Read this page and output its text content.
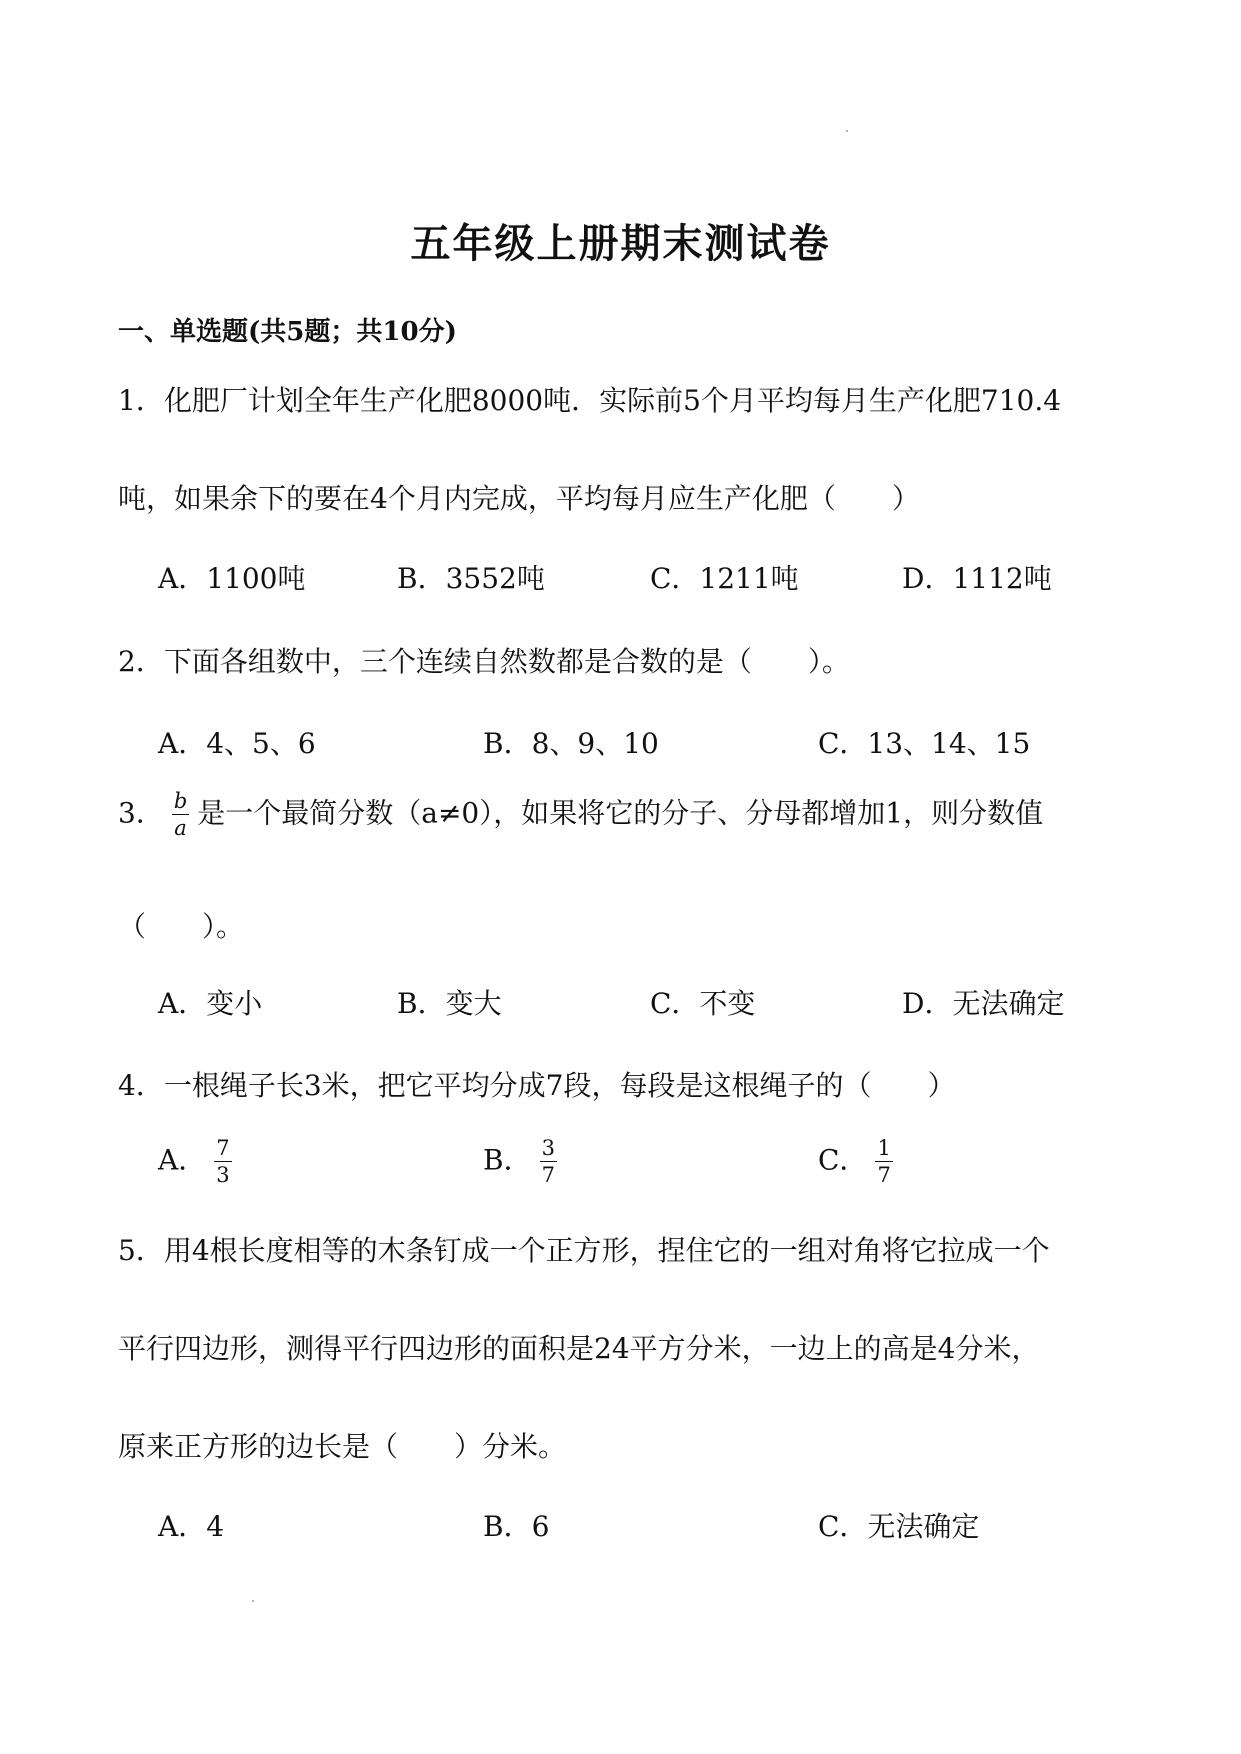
五年级上册期末测试卷
一、单选题(共5题；共10分)
1．化肥厂计划全年生产化肥8000吨．实际前5个月平均每月生产化肥710.4
吨，如果余下的要在4个月内完成，平均每月应生产化肥（　　）
A．1100吨	B．3552吨	C．1211吨	D．1112吨
2．下面各组数中，三个连续自然数都是合数的是（　　）。
A．4、5、6	B．8、9、10	C．13、14、15
3． $\frac{b}{a}$ 是一个最简分数（a≠0），如果将它的分子、分母都增加1，则分数值
（　　）。
A．变小	B．变大	C．不变	D．无法确定
4．一根绳子长3米，把它平均分成7段，每段是这根绳子的（　　）
A． $\frac{7}{3}$	B． $\frac{3}{7}$	C． $\frac{1}{7}$
5．用4根长度相等的木条钉成一个正方形，捏住它的一组对角将它拉成一个
平行四边形，测得平行四边形的面积是24平方分米，一边上的高是4分米，
原来正方形的边长是（　　）分米。
A．4	B．6	C．无法确定
